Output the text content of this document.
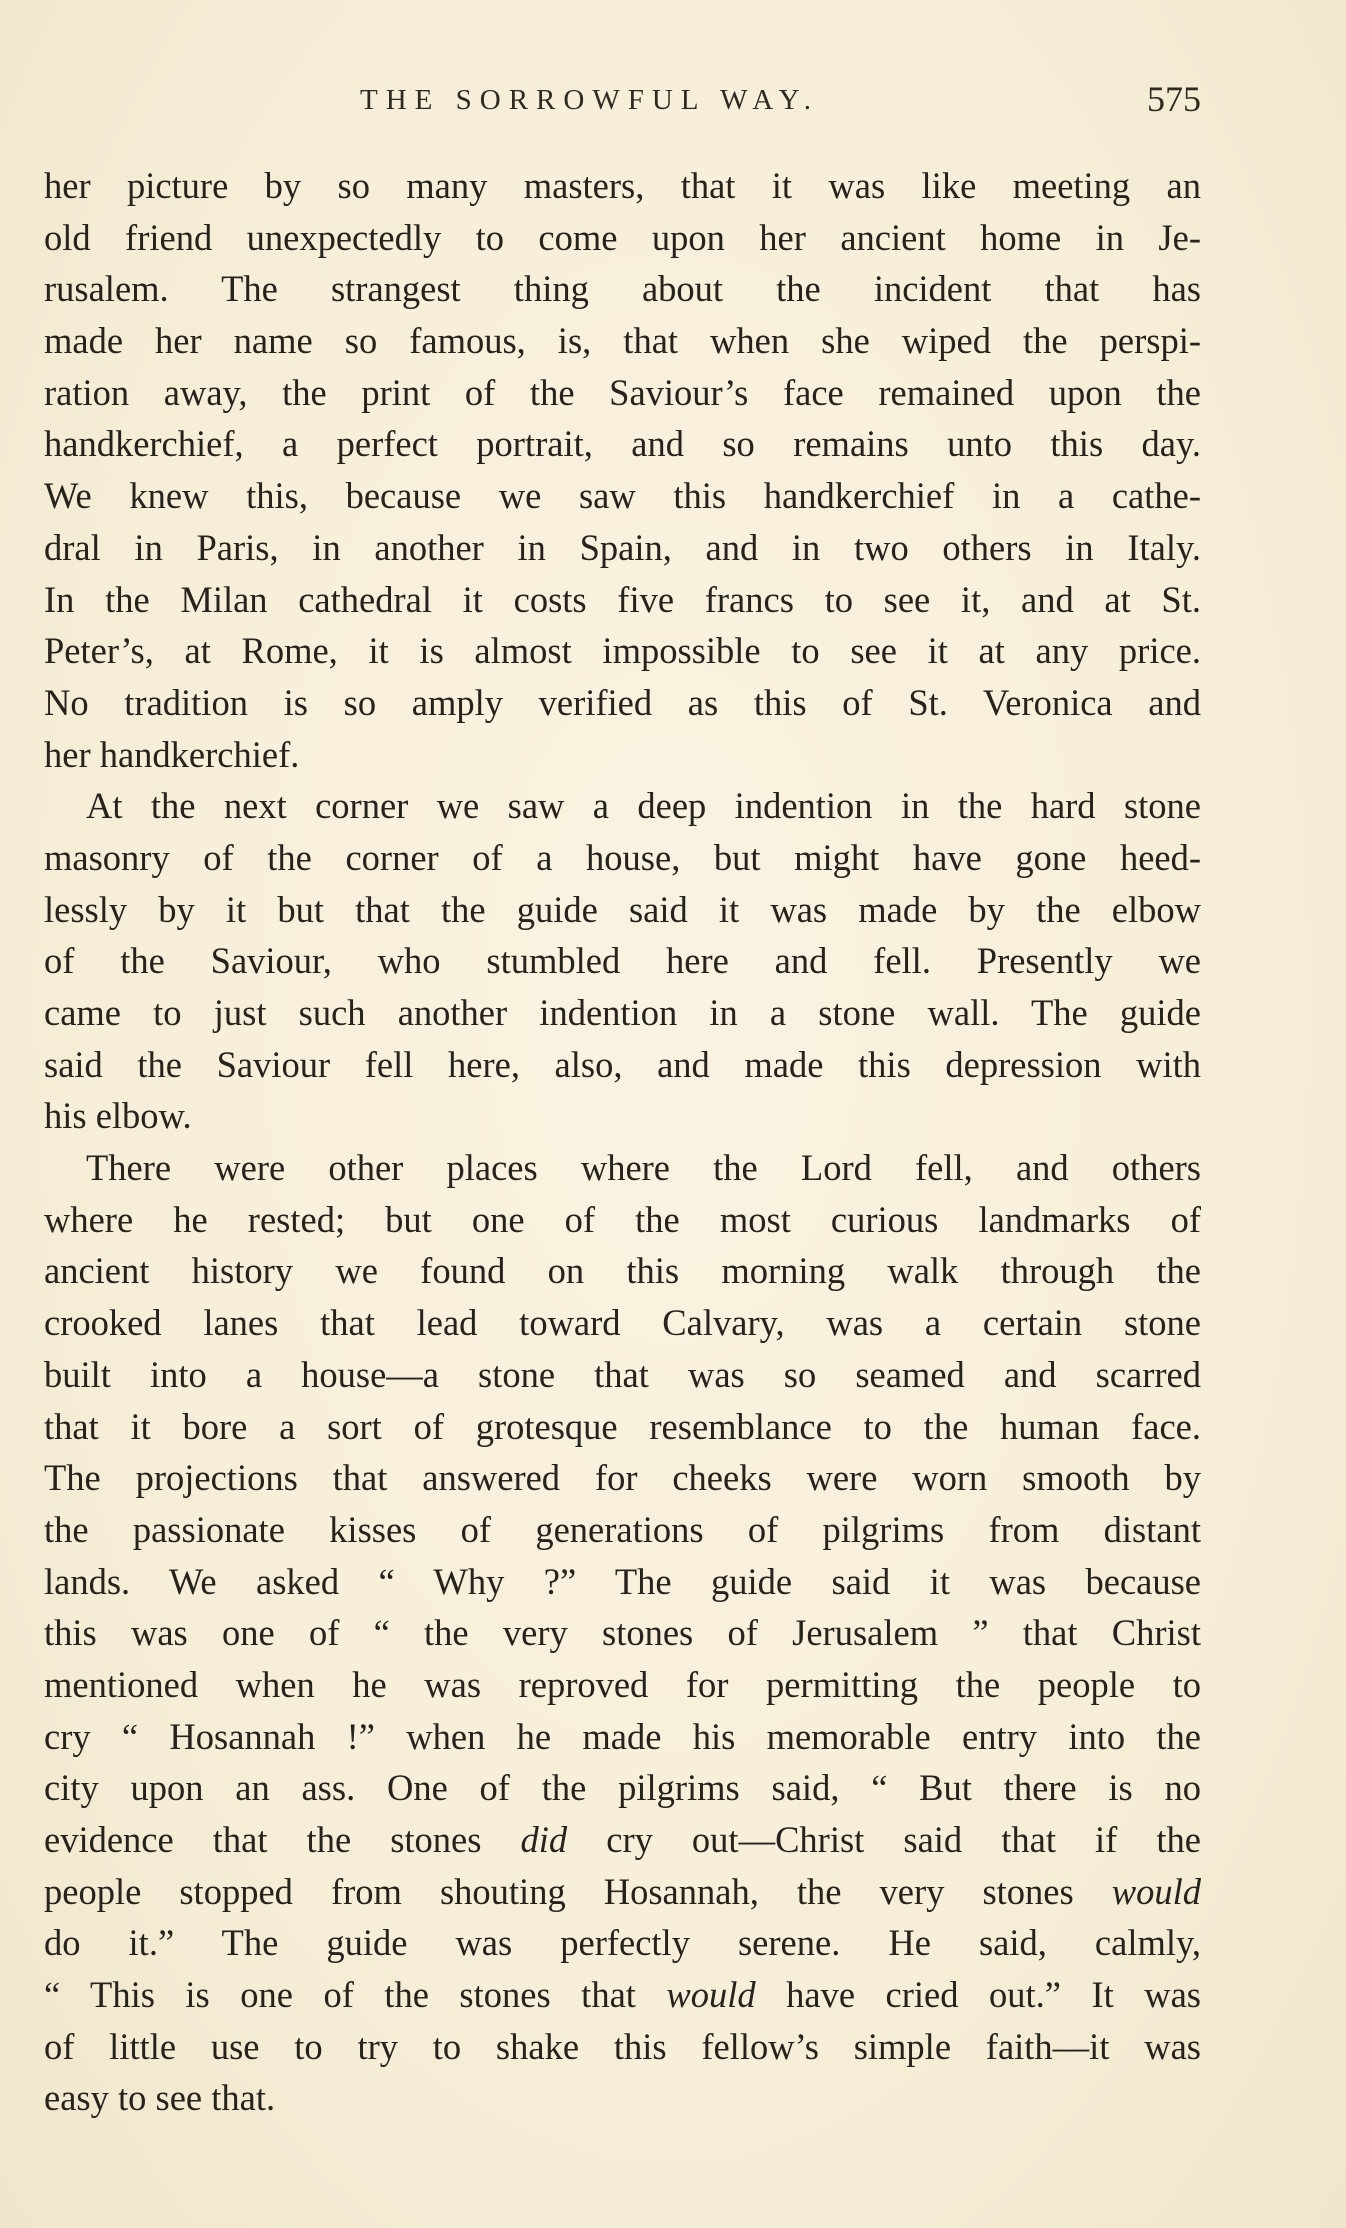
THE SORROWFUL WAY.	575
her picture by so many masters, that it was like meeting an
old friend unexpectedly to come upon her ancient home in Je-
rusalem. The strangest thing about the incident that has
made her name so famous, is, that when she wiped the perspi-
ration away, the print of the Saviour’s face remained upon the
handkerchief, a perfect portrait, and so remains unto this day.
We knew this, because we saw this handkerchief in a cathe-
dral in Paris, in another in Spain, and in two others in Italy.
In the Milan cathedral it costs five francs to see it, and at St.
Peter’s, at Rome, it is almost impossible to see it at any price.
No tradition is so amply verified as this of St. Veronica and
her handkerchief.
At the next corner we saw a deep indention in the hard stone
masonry of the corner of a house, but might have gone heed-
lessly by it but that the guide said it was made by the elbow
of the Saviour, who stumbled here and fell. Presently we
came to just such another indention in a stone wall. The guide
said the Saviour fell here, also, and made this depression with
his elbow.
There were other places where the Lord fell, and others
where he rested; but one of the most curious landmarks of
ancient history we found on this morning walk through the
crooked lanes that lead toward Calvary, was a certain stone
built into a house—a stone that was so seamed and scarred
that it bore a sort of grotesque resemblance to the human face.
The projections that answered for cheeks were worn smooth by
the passionate kisses of generations of pilgrims from distant
lands. We asked “ Why ?” The guide said it was because
this was one of “ the very stones of Jerusalem ” that Christ
mentioned when he was reproved for permitting the people to
cry “ Hosannah !” when he made his memorable entry into the
city upon an ass. One of the pilgrims said, “ But there is no
evidence that the stones did cry out—Christ said that if the
people stopped from shouting Hosannah, the very stones would
do it.” The guide was perfectly serene. He said, calmly,
“ This is one of the stones that would have cried out.” It was
of little use to try to shake this fellow’s simple faith—it was
easy to see that.
